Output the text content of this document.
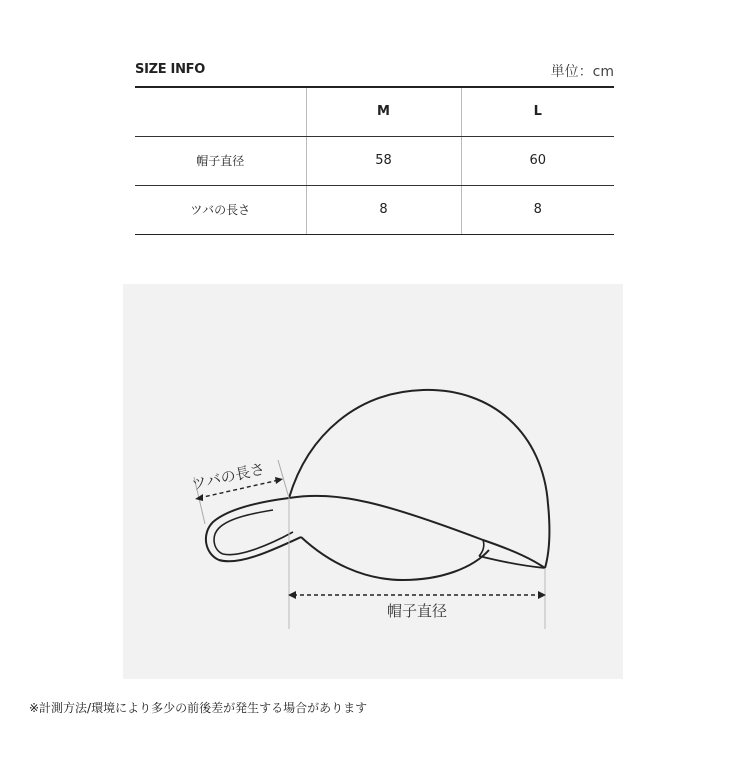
SIZE INFO	単位：cm
	M	L
帽子直径	58	60
ツバの長さ	8	8
ツバの長さ
帽子直径
※計測方法/環境により多少の前後差が発生する場合があります
